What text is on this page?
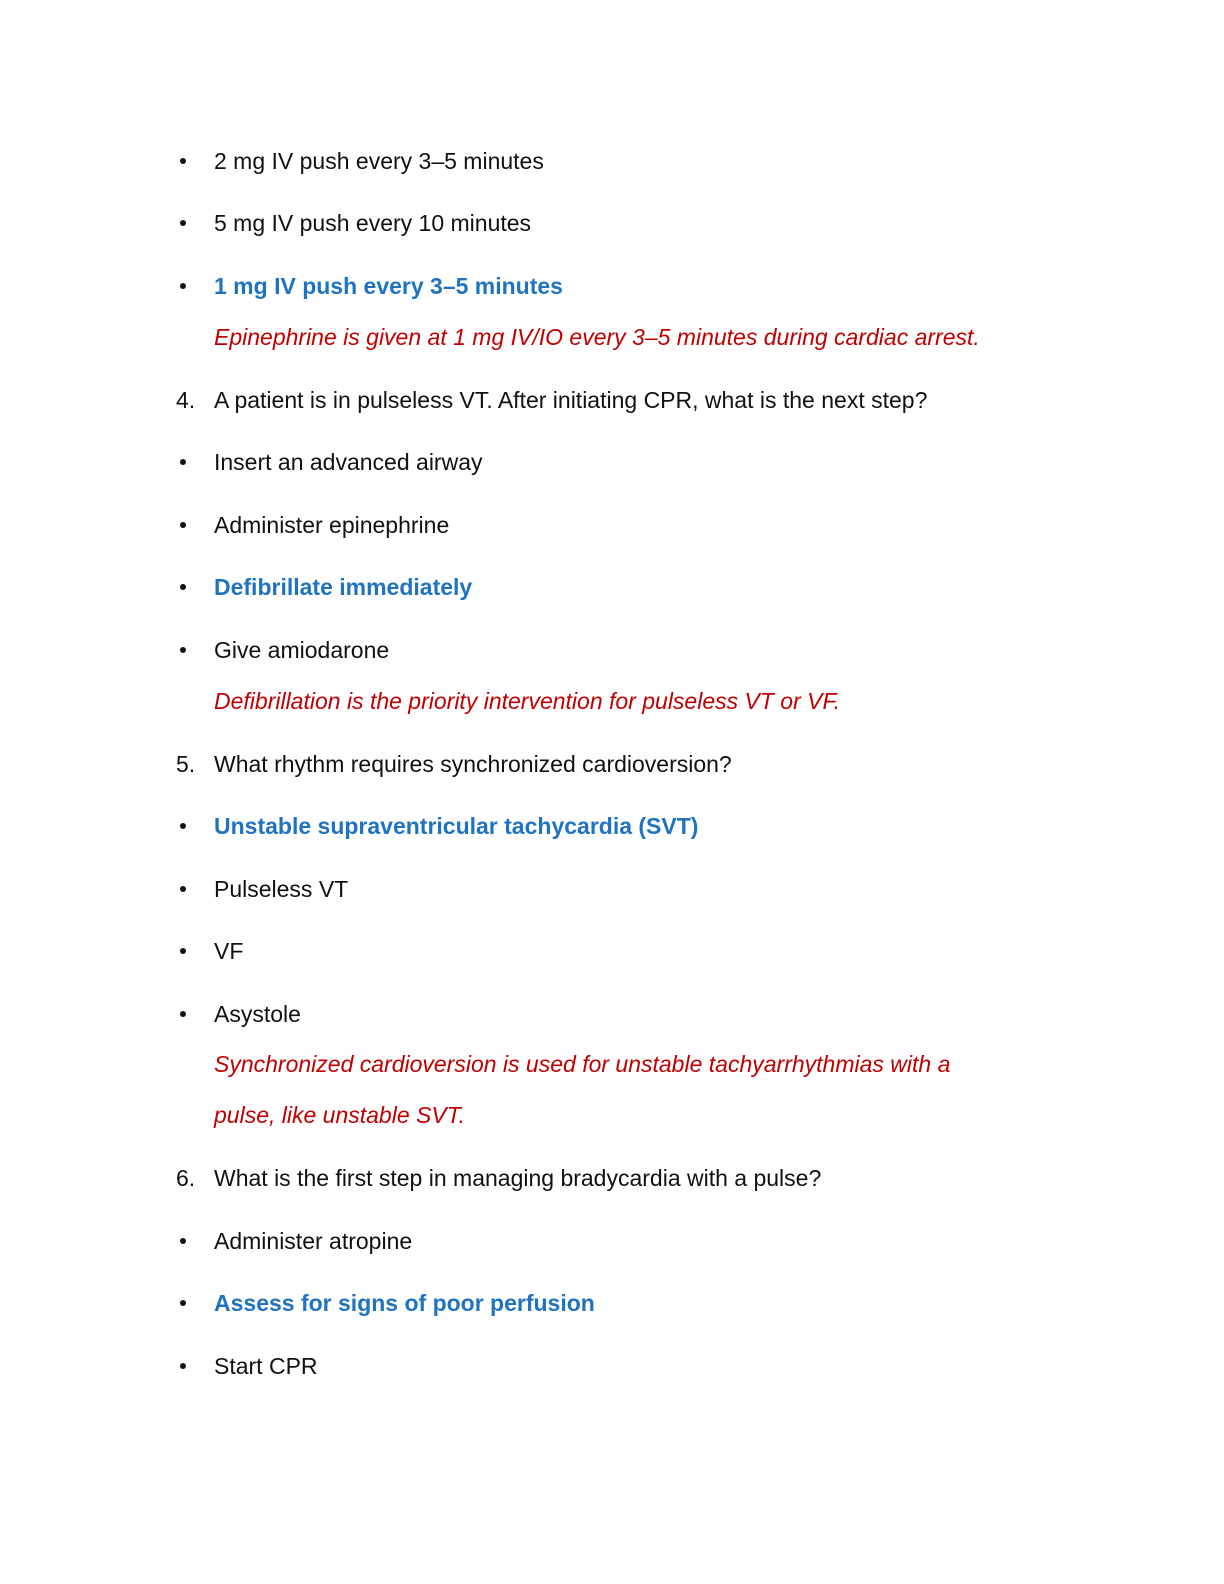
2 mg IV push every 3–5 minutes
5 mg IV push every 10 minutes
1 mg IV push every 3–5 minutes
Epinephrine is given at 1 mg IV/IO every 3–5 minutes during cardiac arrest.
4. A patient is in pulseless VT. After initiating CPR, what is the next step?
Insert an advanced airway
Administer epinephrine
Defibrillate immediately
Give amiodarone
Defibrillation is the priority intervention for pulseless VT or VF.
5. What rhythm requires synchronized cardioversion?
Unstable supraventricular tachycardia (SVT)
Pulseless VT
VF
Asystole
Synchronized cardioversion is used for unstable tachyarrhythmias with a
pulse, like unstable SVT.
6. What is the first step in managing bradycardia with a pulse?
Administer atropine
Assess for signs of poor perfusion
Start CPR
